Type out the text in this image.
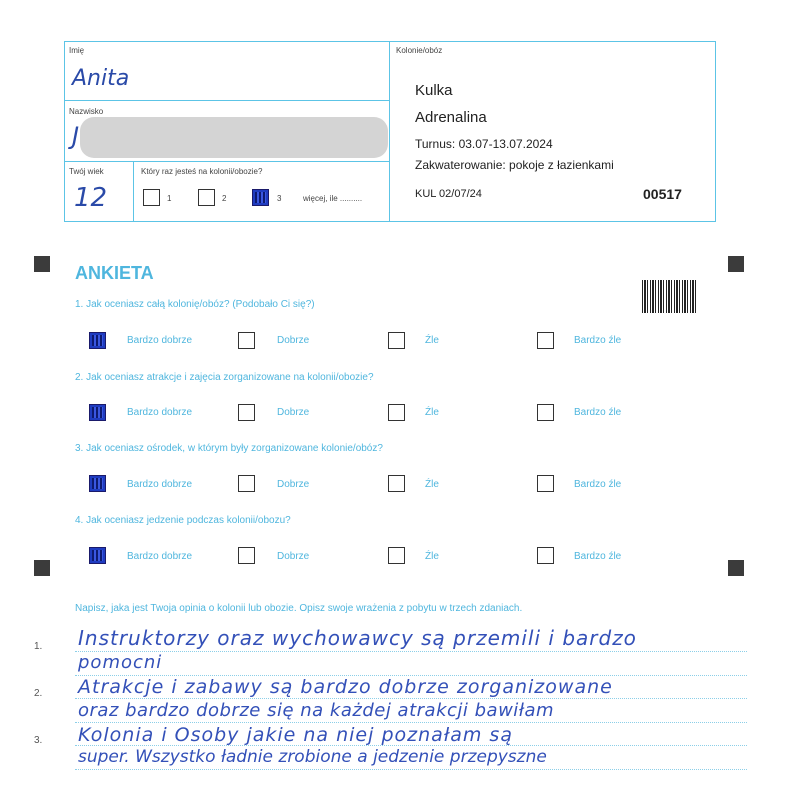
Imię
Anita
Nazwisko
J
Twój wiek
12
Który raz jesteś na kolonii/obozie?
1	2	3	więcej, ile ..........
Kolonie/obóz
Kulka
Adrenalina
Turnus: 03.07-13.07.2024
Zakwaterowanie: pokoje z łazienkami
KUL 02/07/24	00517
ANKIETA
1. Jak oceniasz całą kolonię/obóz? (Podobało Ci się?)
Bardzo dobrze	Dobrze	Źle	Bardzo źle
2. Jak oceniasz atrakcje i zajęcia zorganizowane na kolonii/obozie?
Bardzo dobrze	Dobrze	Źle	Bardzo źle
3. Jak oceniasz ośrodek, w którym były zorganizowane kolonie/obóz?
Bardzo dobrze	Dobrze	Źle	Bardzo źle
4. Jak oceniasz jedzenie podczas kolonii/obozu?
Bardzo dobrze	Dobrze	Źle	Bardzo źle
Napisz, jaka jest Twoja opinia o kolonii lub obozie. Opisz swoje wrażenia z pobytu w trzech zdaniach.
1.
2.
3.
Instruktorzy oraz wychowawcy są przemili i bardzo
pomocni
Atrakcje i zabawy są bardzo dobrze zorganizowane
oraz bardzo dobrze się na każdej atrakcji bawiłam
Kolonia i Osoby jakie na niej poznałam są
super. Wszystko ładnie zrobione a jedzenie przepyszne
